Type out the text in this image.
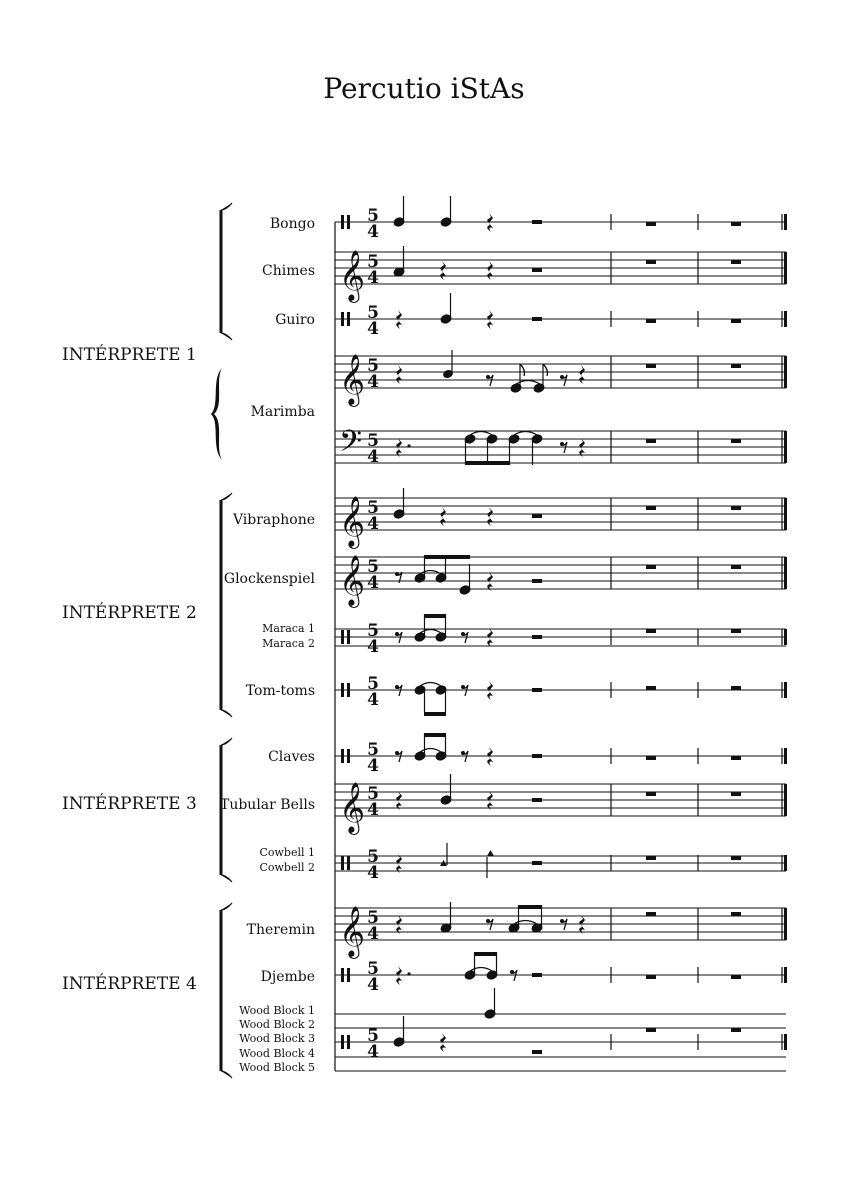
Percutio iStAs
INTÉRPRETE 1
INTÉRPRETE 2
INTÉRPRETE 3
INTÉRPRETE 4
Bongo
Chimes
Guiro
Marimba
Vibraphone
Glockenspiel
Maraca 1
Maraca 2
Tom-toms
Claves
Tubular Bells
Cowbell 1
Cowbell 2
Theremin
Djembe
Wood Block 1
Wood Block 2
Wood Block 3
Wood Block 4
Wood Block 5
5
4
𝄞 5
4
5
4
𝄞 5
4
𝄢 5
4
𝄞 5
4
𝄞 5
4
5
4
5
4
5
4
𝄞 5
4
5
4
𝄞 5
4
5
4
5
4
